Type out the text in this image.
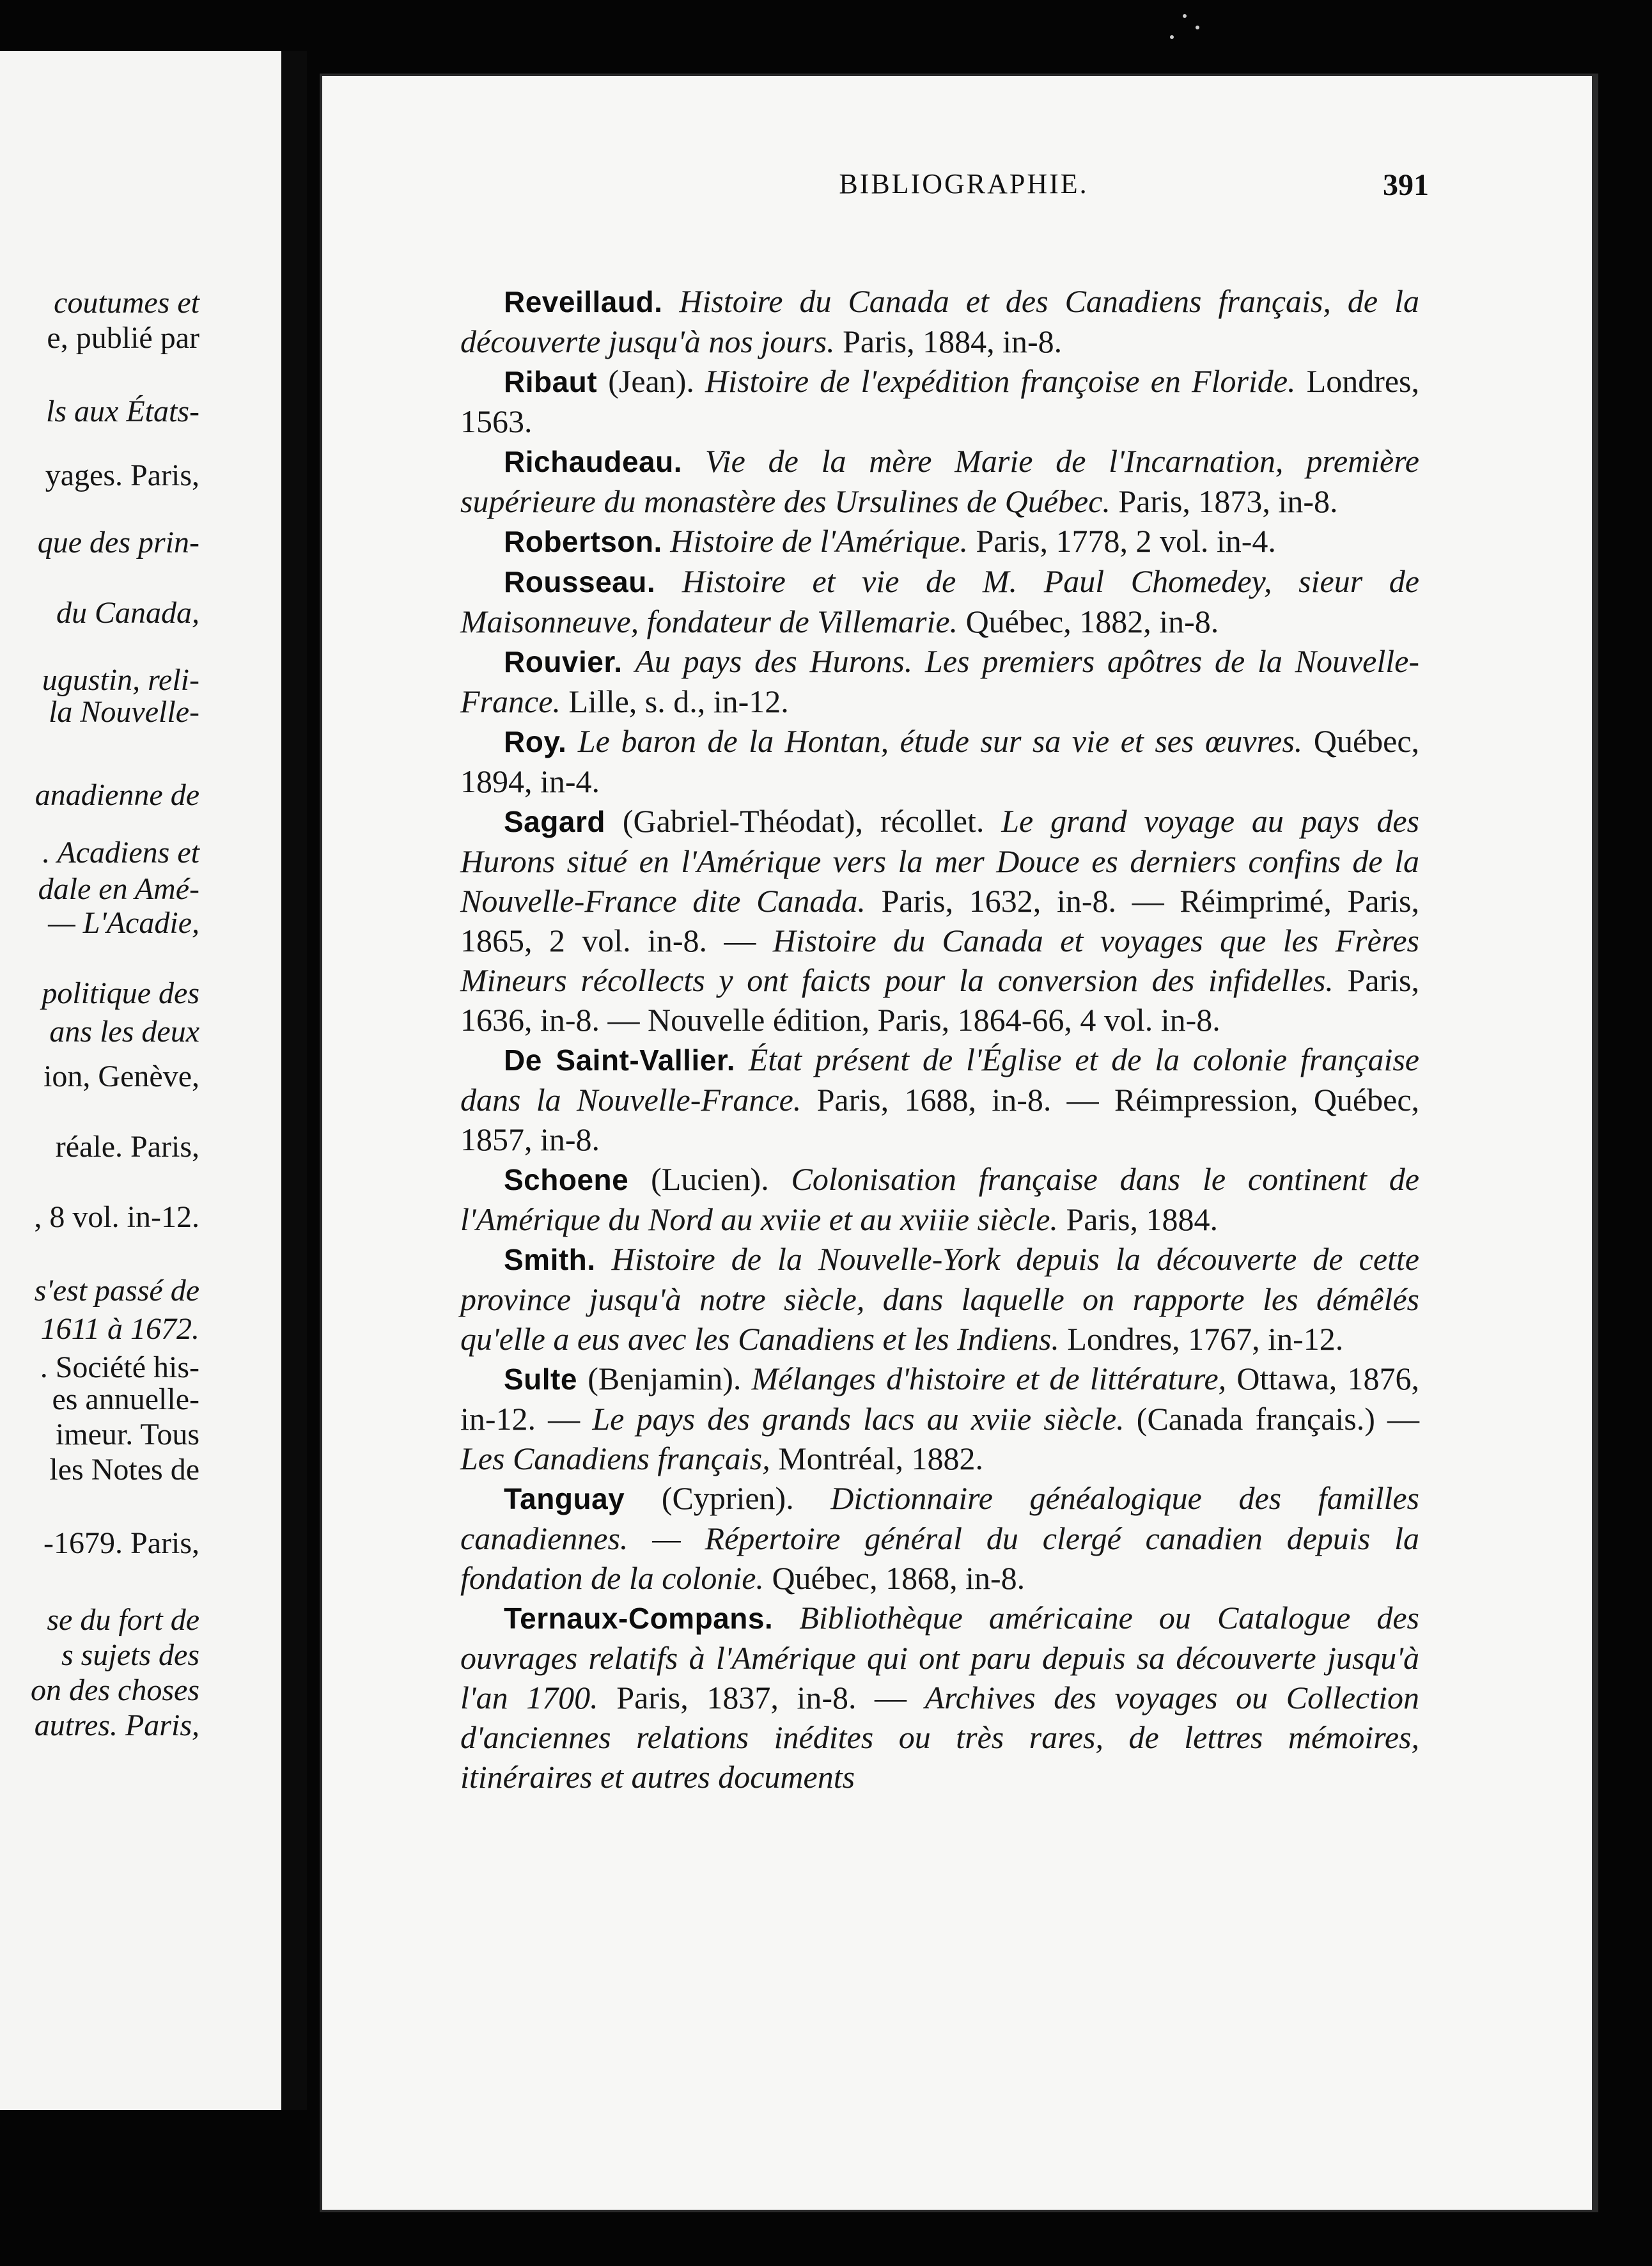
coutumes et
e, publié par
ls aux États-
yages. Paris,
que des prin-
du Canada,
ugustin, reli-
la Nouvelle-
anadienne de
. Acadiens et
dale en Amé-
— L'Acadie,
politique des
ans les deux
ion, Genève,
réale. Paris,
, 8 vol. in-12.
s'est passé de
1611 à 1672.
. Société his-
es annuelle-
imeur. Tous
les Notes de
-1679. Paris,
se du fort de
s sujets des
on des choses
autres. Paris,
BIBLIOGRAPHIE.	391

Reveillaud. Histoire du Canada et des Canadiens français, de la découverte jusqu'à nos jours. Paris, 1884, in-8.

Ribaut (Jean). Histoire de l'expédition françoise en Floride. Londres, 1563.

Richaudeau. Vie de la mère Marie de l'Incarnation, première supérieure du monastère des Ursulines de Québec. Paris, 1873, in-8.

Robertson. Histoire de l'Amérique. Paris, 1778, 2 vol. in-4.

Rousseau. Histoire et vie de M. Paul Chomedey, sieur de Maisonneuve, fondateur de Villemarie. Québec, 1882, in-8.

Rouvier. Au pays des Hurons. Les premiers apôtres de la Nouvelle-France. Lille, s. d., in-12.

Roy. Le baron de la Hontan, étude sur sa vie et ses œuvres. Québec, 1894, in-4.

Sagard (Gabriel-Théodat), récollet. Le grand voyage au pays des Hurons situé en l'Amérique vers la mer Douce es derniers confins de la Nouvelle-France dite Canada. Paris, 1632, in-8. — Réimprimé, Paris, 1865, 2 vol. in-8. — Histoire du Canada et voyages que les Frères Mineurs récollects y ont faicts pour la conversion des infidelles. Paris, 1636, in-8. — Nouvelle édition, Paris, 1864-66, 4 vol. in-8.

De Saint-Vallier. État présent de l'Église et de la colonie française dans la Nouvelle-France. Paris, 1688, in-8. — Réimpression, Québec, 1857, in-8.

Schoene (Lucien). Colonisation française dans le continent de l'Amérique du Nord au xviie et au xviiie siècle. Paris, 1884.

Smith. Histoire de la Nouvelle-York depuis la découverte de cette province jusqu'à notre siècle, dans laquelle on rapporte les démêlés qu'elle a eus avec les Canadiens et les Indiens. Londres, 1767, in-12.

Sulte (Benjamin). Mélanges d'histoire et de littérature, Ottawa, 1876, in-12. — Le pays des grands lacs au xviie siècle. (Canada français.) — Les Canadiens français, Montréal, 1882.

Tanguay (Cyprien). Dictionnaire généalogique des familles canadiennes. — Répertoire général du clergé canadien depuis la fondation de la colonie. Québec, 1868, in-8.

Ternaux-Compans. Bibliothèque américaine ou Catalogue des ouvrages relatifs à l'Amérique qui ont paru depuis sa découverte jusqu'à l'an 1700. Paris, 1837, in-8. — Archives des voyages ou Collection d'anciennes relations inédites ou très rares, de lettres mémoires, itinéraires et autres documents
